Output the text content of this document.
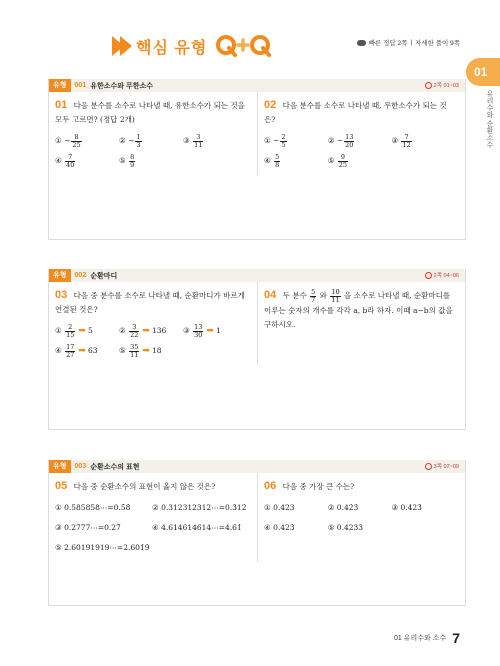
핵심 유형	빠른 정답 2쪽 | 자세한 풀이 9쪽
01
유리수와 순환소수
유형	001 유한소수와 무한소수	2쪽 01~03
01 다음 분수를 소수로 나타낼 때, 유한소수가 되는 것을 모두 고르면? (정답 2개)
① − $\frac{8}{25}$	② − $\frac{1}{3}$	③ $\frac{3}{11}$
④ $\frac{7}{40}$	⑤ $\frac{8}{9}$
02 다음 분수를 소수로 나타낼 때, 무한소수가 되는 것은?
① − $\frac{2}{5}$	② − $\frac{13}{20}$	③ $\frac{7}{12}$
④ $\frac{5}{8}$	⑤ $\frac{9}{25}$
유형	002 순환마디	2쪽 04~06
03 다음 중 분수를 소수로 나타낼 때, 순환마디가 바르게 연결된 것은?
① $\frac{2}{15}$ ➡ 5	② $\frac{3}{22}$ ➡ 136	③ $\frac{13}{30}$ ➡ 1
④ $\frac{17}{27}$ ➡ 63	⑤ $\frac{35}{11}$ ➡ 18
04 두 분수 $\frac{5}{7}$ 와 $\frac{10}{11}$ 을 소수로 나타낼 때, 순환마디를 이루는 숫자의 개수를 각각 a, b라 하자. 이때 a−b의 값을 구하시오.
유형	003 순환소수의 표현	3쪽 07~09
05 다음 중 순환소수의 표현이 옳지 않은 것은?
① 0.585858⋯=0.5̇8̇	② 0.312312312⋯=0.3̇12̇
③ 0.2777⋯=0.27̇	④ 4.614614614⋯=4.6̇1̇
⑤ 2.60191919⋯=2.601̇9̇
06 다음 중 가장 큰 수는?
① 0.423	② 0.42̇3̇	③ 0.4̇23̇
④ 0.423̇	⑤ 0.4233
01 유리수와 소수 7
